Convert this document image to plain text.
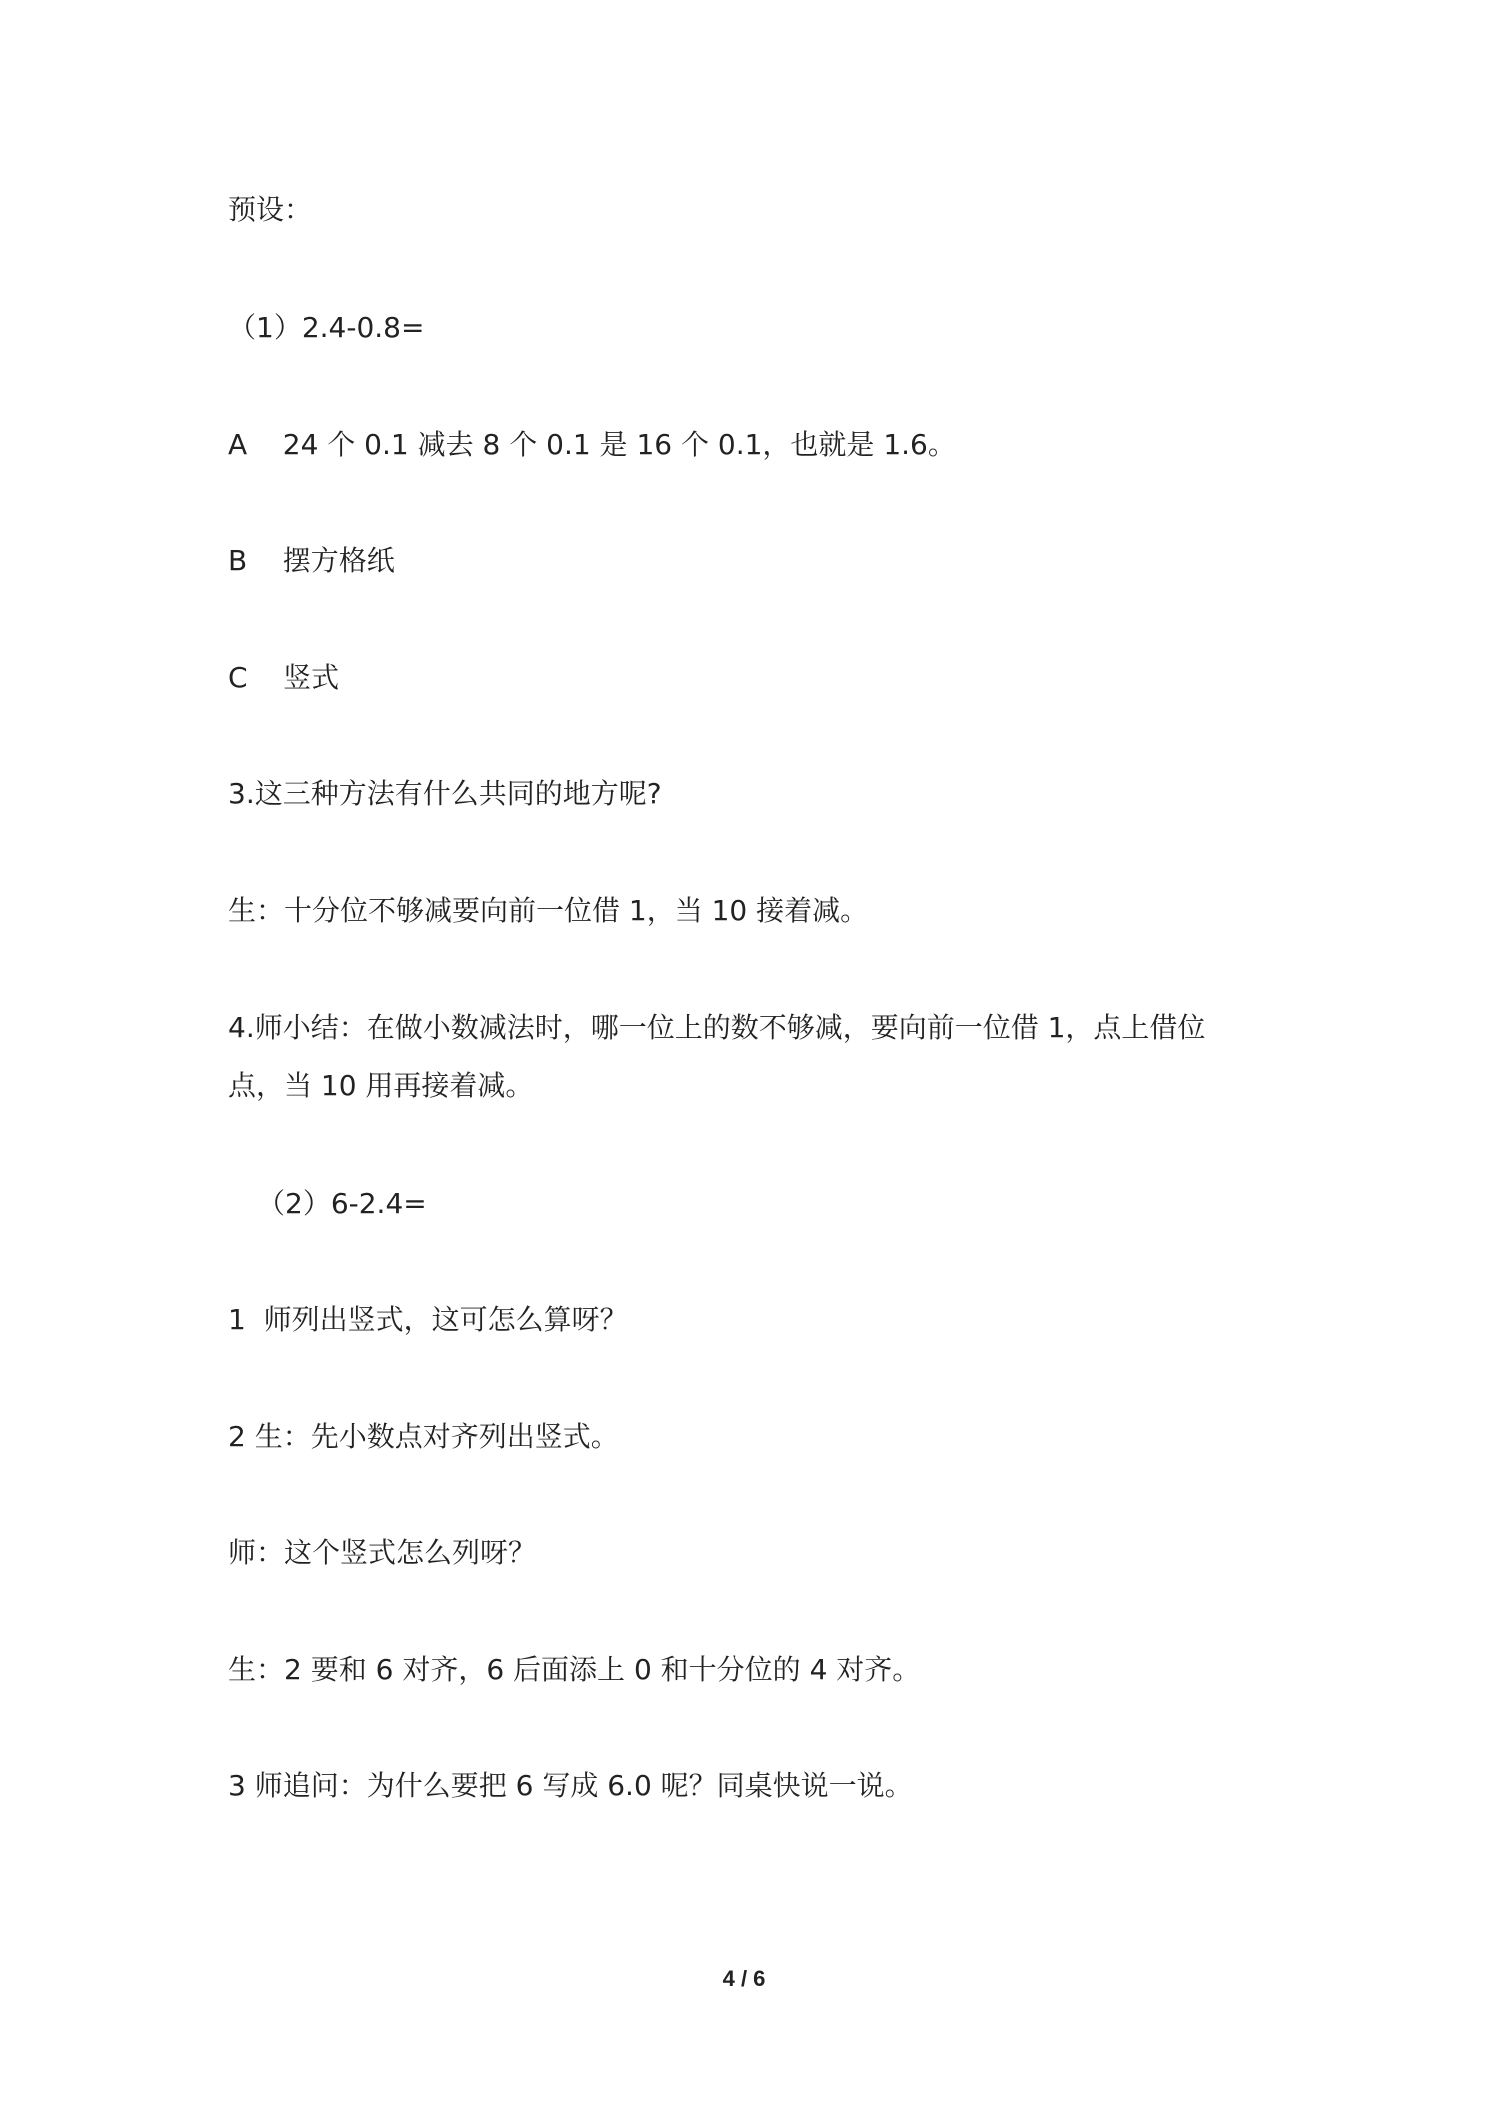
预设：

（1）2.4-0.8=

A    24 个 0.1 减去 8 个 0.1 是 16 个 0.1，也就是 1.6。

B    摆方格纸

C    竖式

3.这三种方法有什么共同的地方呢?

生：十分位不够减要向前一位借 1，当 10 接着减。

4.师小结：在做小数减法时，哪一位上的数不够减，要向前一位借 1，点上借位

点，当 10 用再接着减。

（2）6-2.4=

1  师列出竖式，这可怎么算呀？

2 生：先小数点对齐列出竖式。

师：这个竖式怎么列呀？

生：2 要和 6 对齐，6 后面添上 0 和十分位的 4 对齐。

3 师追问：为什么要把 6 写成 6.0 呢？同桌快说一说。

4 / 6
